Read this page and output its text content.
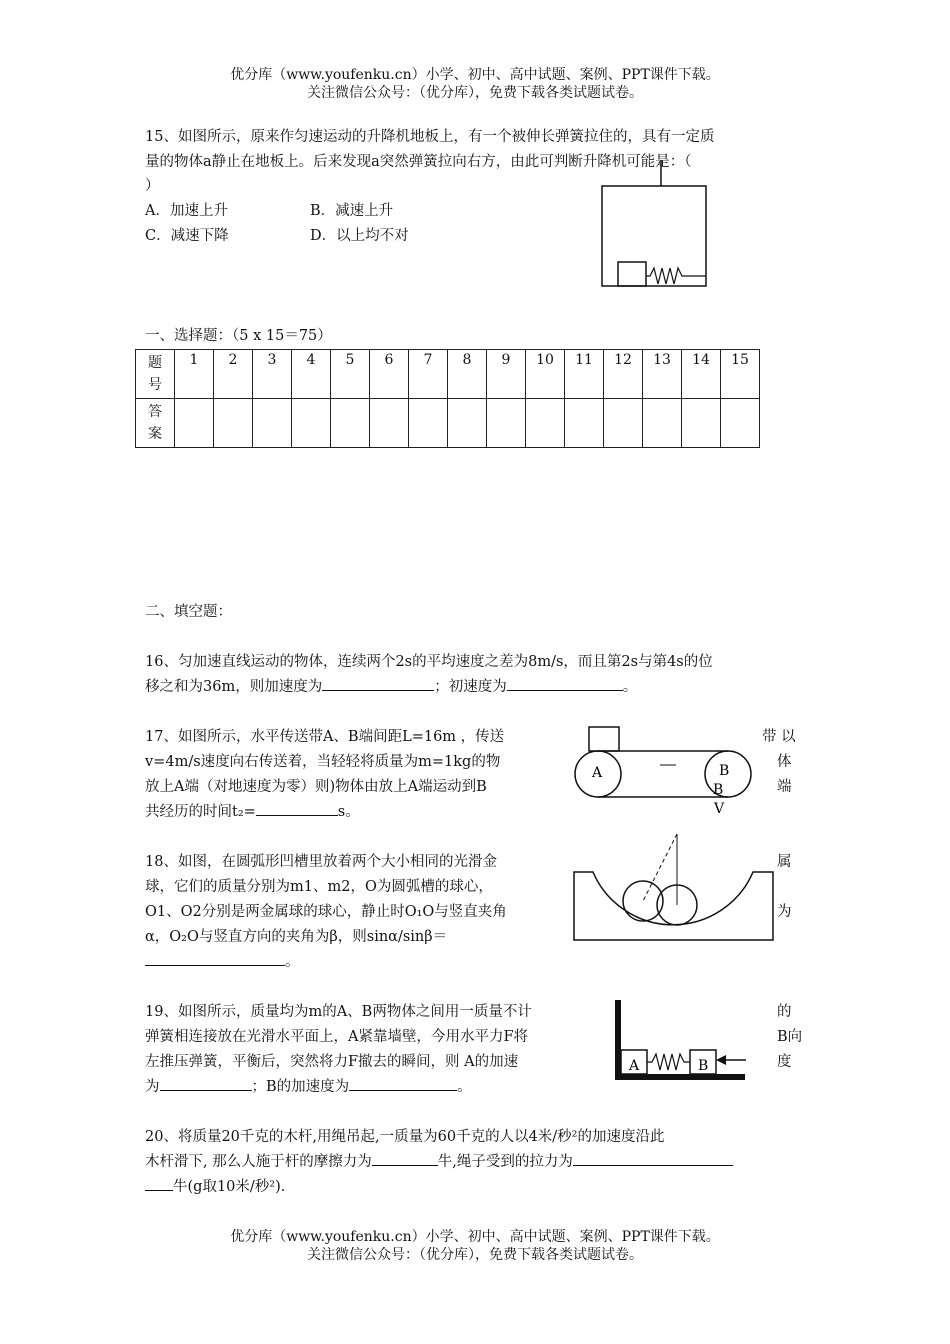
优分库（www.youfenku.cn）小学、初中、高中试题、案例、PPT课件下载。
关注微信公众号：（优分库），免费下载各类试题试卷。
15、如图所示，原来作匀速运动的升降机地板上，有一个被伸长弹簧拉住的，具有一定质
量的物体a静止在地板上。后来发现a突然弹簧拉向右方，由此可判断升降机可能是：（
）
A．加速上升	B．减速上升
C．减速下降	D．以上均不对
一、选择题：（5 x 15＝75）
题
号	1	2	3	4	5	6	7	8	9	10	11	12	13	14	15

答
案															

二、填空题：
16、匀加速直线运动的物体，连续两个2s的平均速度之差为8m/s，而且第2s与第4s的位
移之和为36m，则加速度为	；初速度为	。
17、如图所示，水平传送带A、B端间距L=16m ，传送
v=4m/s速度向右传送着，当轻轻将质量为m=1kg的物
放上A端（对地速度为零）则)物体由放上A端运动到B
共经历的时间t₂=	s。
带 以
体
端
A	B
B
V
18、如图，在圆弧形凹槽里放着两个大小相同的光滑金
球，它们的质量分别为m1、m2，O为圆弧槽的球心，
O1、O2分别是两金属球的球心，静止时O₁O与竖直夹角
α，O₂O与竖直方向的夹角为β，则sinα/sinβ＝
。
属
为
19、如图所示，质量均为m的A、B两物体之间用一质量不计
弹簧相连接放在光滑水平面上，A紧靠墙壁，今用水平力F将
左推压弹簧，平衡后，突然将力F撤去的瞬间，则 A的加速
为	；B的加速度为	。
的
B向
度
A	B
20、将质量20千克的木杆,用绳吊起,一质量为60千克的人以4米/秒²的加速度沿此
木杆滑下, 那么人施于杆的摩擦力为	牛,绳子受到的拉力为
牛(g取10米/秒²).
优分库（www.youfenku.cn）小学、初中、高中试题、案例、PPT课件下载。
关注微信公众号：（优分库），免费下载各类试题试卷。
